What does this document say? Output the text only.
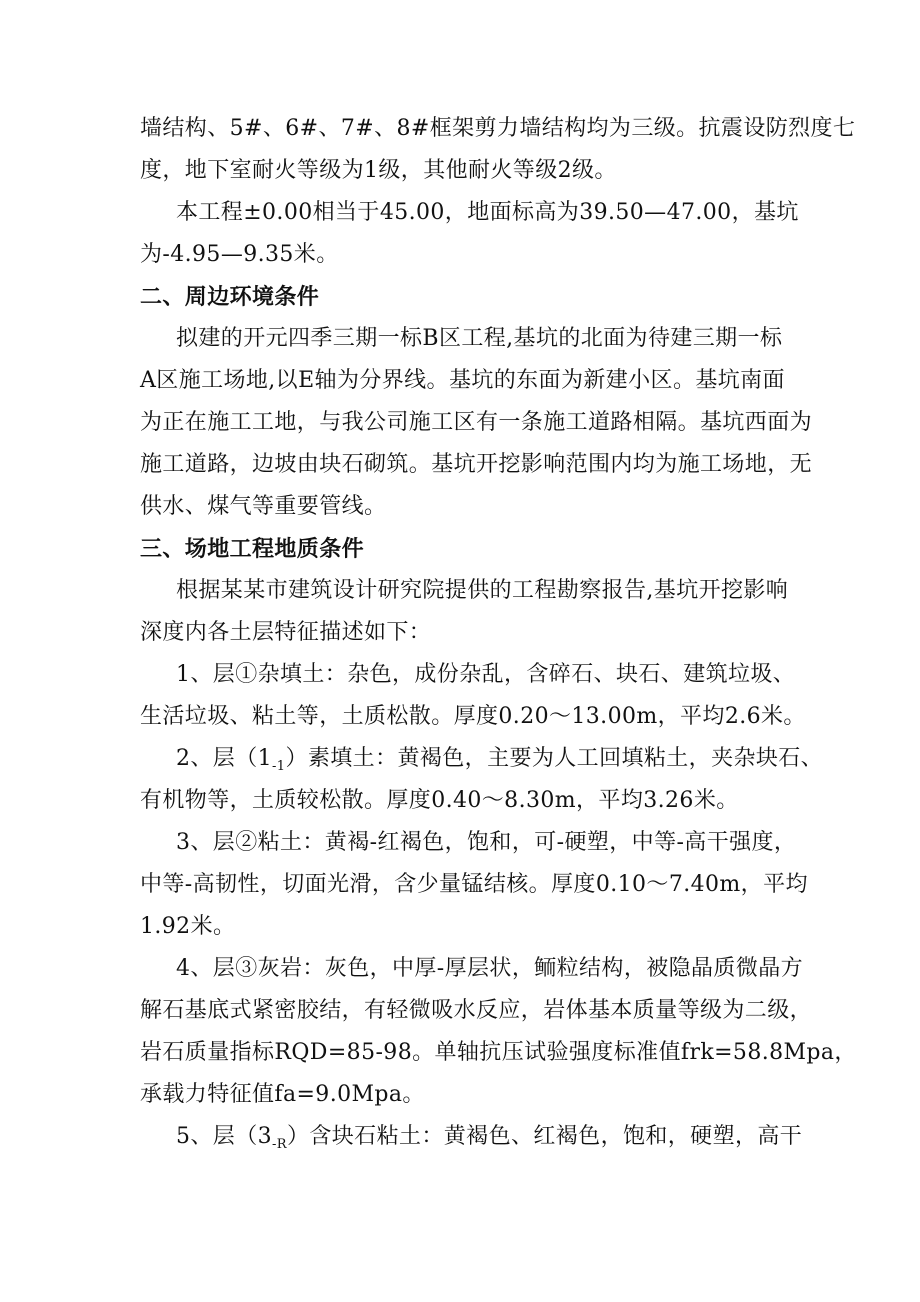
墙结构、5#、6#、7#、8#框架剪力墙结构均为三级。抗震设防烈度七
度，地下室耐火等级为1级，其他耐火等级2级。
本工程±0.00相当于45.00，地面标高为39.50—47.00，基坑
为-4.95—9.35米。
二、周边环境条件
拟建的开元四季三期一标B区工程,基坑的北面为待建三期一标
A区施工场地,以E轴为分界线。基坑的东面为新建小区。基坑南面
为正在施工工地，与我公司施工区有一条施工道路相隔。基坑西面为
施工道路，边坡由块石砌筑。基坑开挖影响范围内均为施工场地，无
供水、煤气等重要管线。
三、场地工程地质条件
根据某某市建筑设计研究院提供的工程勘察报告,基坑开挖影响
深度内各土层特征描述如下：
1、层①杂填土：杂色，成份杂乱，含碎石、块石、建筑垃圾、
生活垃圾、粘土等，土质松散。厚度0.20～13.00m，平均2.6米。
2、层$(1_{-1})$素填土：黄褐色，主要为人工回填粘土，夹杂块石、
有机物等，土质较松散。厚度0.40～8.30m，平均3.26米。
3、层②粘土：黄褐-红褐色，饱和，可-硬塑，中等-高干强度，
中等-高韧性，切面光滑，含少量锰结核。厚度0.10～7.40m，平均
1.92米。
4、层③灰岩：灰色，中厚-厚层状，鲕粒结构，被隐晶质微晶方
解石基底式紧密胶结，有轻微吸水反应，岩体基本质量等级为二级，
岩石质量指标RQD=85-98。单轴抗压试验强度标准值frk=58.8Mpa，
承载力特征值fa=9.0Mpa。
5、层$(3_{-R})$含块石粘土：黄褐色、红褐色，饱和，硬塑，高干
